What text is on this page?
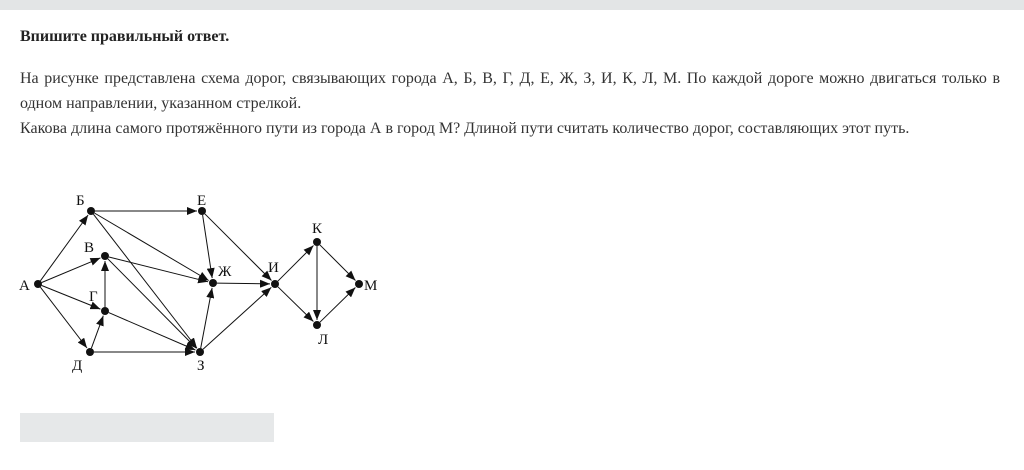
Впишите правильный ответ.

На рисунке представлена схема дорог, связывающих города А, Б, В, Г, Д, Е, Ж, З, И, К, Л, М. По каждой дороге можно двигаться только в одном направлении, указанном стрелкой.

Какова длина самого протяжённого пути из города А в город М? Длиной пути считать количество дорог, составляющих этот путь.

А
Б
В
Г
Д
Е
Ж
З
И
К
Л
М
